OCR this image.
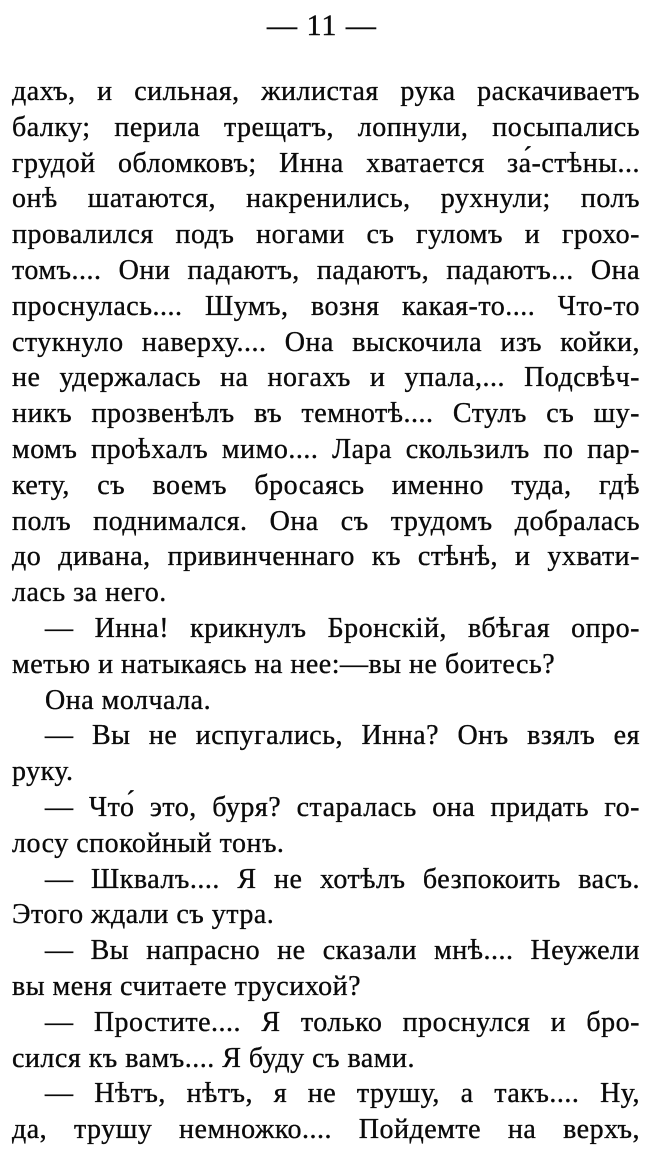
— 11 —
дахъ, и сильная, жилистая рука раскачиваетъ
балку; перила трещатъ, лопнули, посыпались
грудой обломковъ; Инна хватается за́-стѣны...
онѣ шатаются, накренились, рухнули; полъ
провалился подъ ногами съ гуломъ и грохо-
томъ.... Они падаютъ, падаютъ, падаютъ... Она
проснулась.... Шумъ, возня какая-то.... Что-то
стукнуло наверху.... Она выскочила изъ койки,
не удержалась на ногахъ и упала,... Подсвѣч-
никъ прозвенѣлъ въ темнотѣ.... Стулъ съ шу-
момъ проѣхалъ мимо.... Лара скользилъ по пар-
кету, съ воемъ бросаясь именно туда, гдѣ
полъ поднимался. Она съ трудомъ добралась
до дивана, привинченнаго къ стѣнѣ, и ухвати-
лась за него.
— Инна! крикнулъ Бронскій, вбѣгая опро-
метью и натыкаясь на нее:—вы не боитесь?
Она молчала.
— Вы не испугались, Инна? Онъ взялъ ея
руку.
— Что́ это, буря? старалась она придать го-
лосу спокойный тонъ.
— Шквалъ.... Я не хотѣлъ безпокоить васъ.
Этого ждали съ утра.
— Вы напрасно не сказали мнѣ.... Неужели
вы меня считаете трусихой?
— Простите.... Я только проснулся и бро-
сился къ вамъ.... Я буду съ вами.
— Нѣтъ, нѣтъ, я не трушу, а такъ.... Ну,
да, трушу немножко.... Пойдемте на верхъ,
